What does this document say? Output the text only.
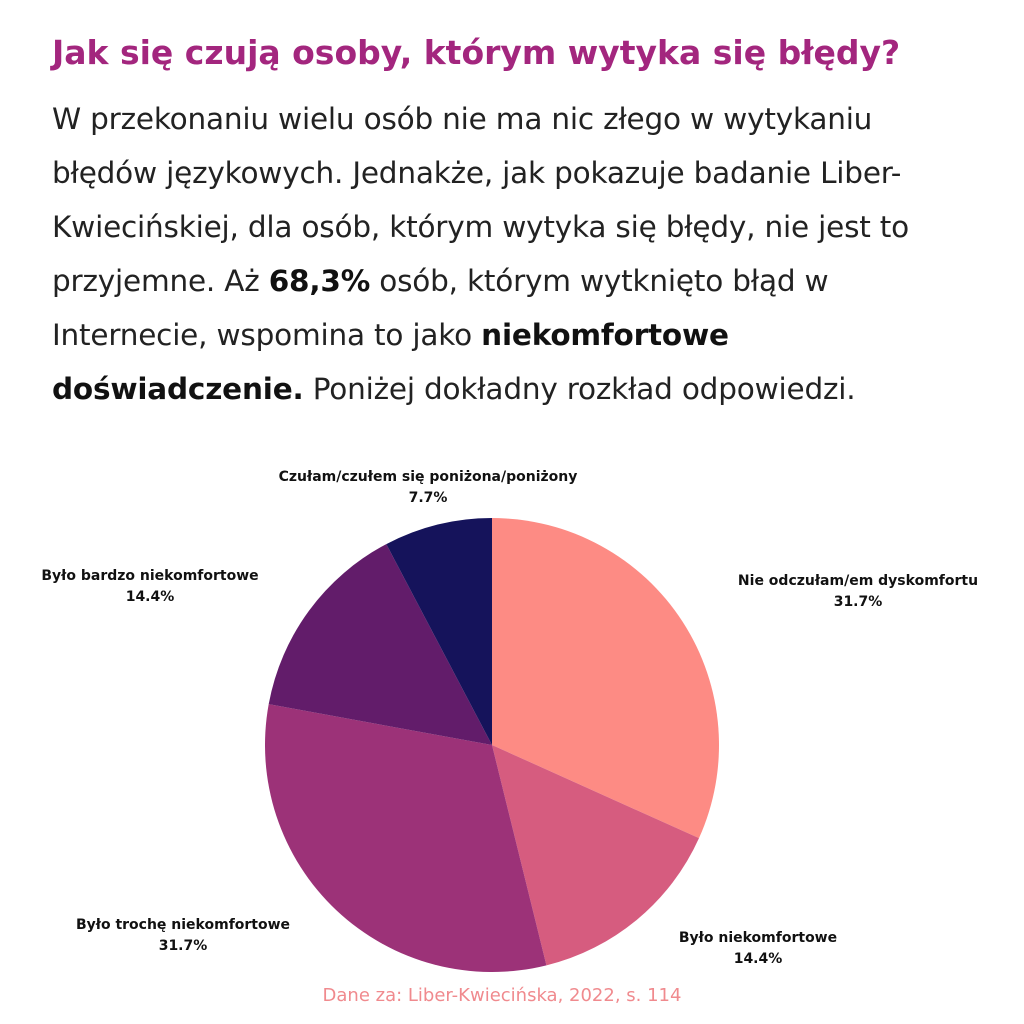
Jak się czują osoby, którym wytyka się błędy?
W przekonaniu wielu osób nie ma nic złego w wytykaniu błędów językowych. Jednakże, jak pokazuje badanie Liber-Kwiecińskiej, dla osób, którym wytyka się błędy, nie jest to przyjemne. Aż 68,3% osób, którym wytknięto błąd w Internecie, wspomina to jako niekomfortowe doświadczenie. Poniżej dokładny rozkład odpowiedzi.
Nie odczułam/em dyskomfortu
31.7%
Było niekomfortowe
14.4%
Było trochę niekomfortowe
31.7%
Było bardzo niekomfortowe
14.4%
Czułam/czułem się poniżona/poniżony
7.7%
Dane za: Liber-Kwiecińska, 2022, s. 114
